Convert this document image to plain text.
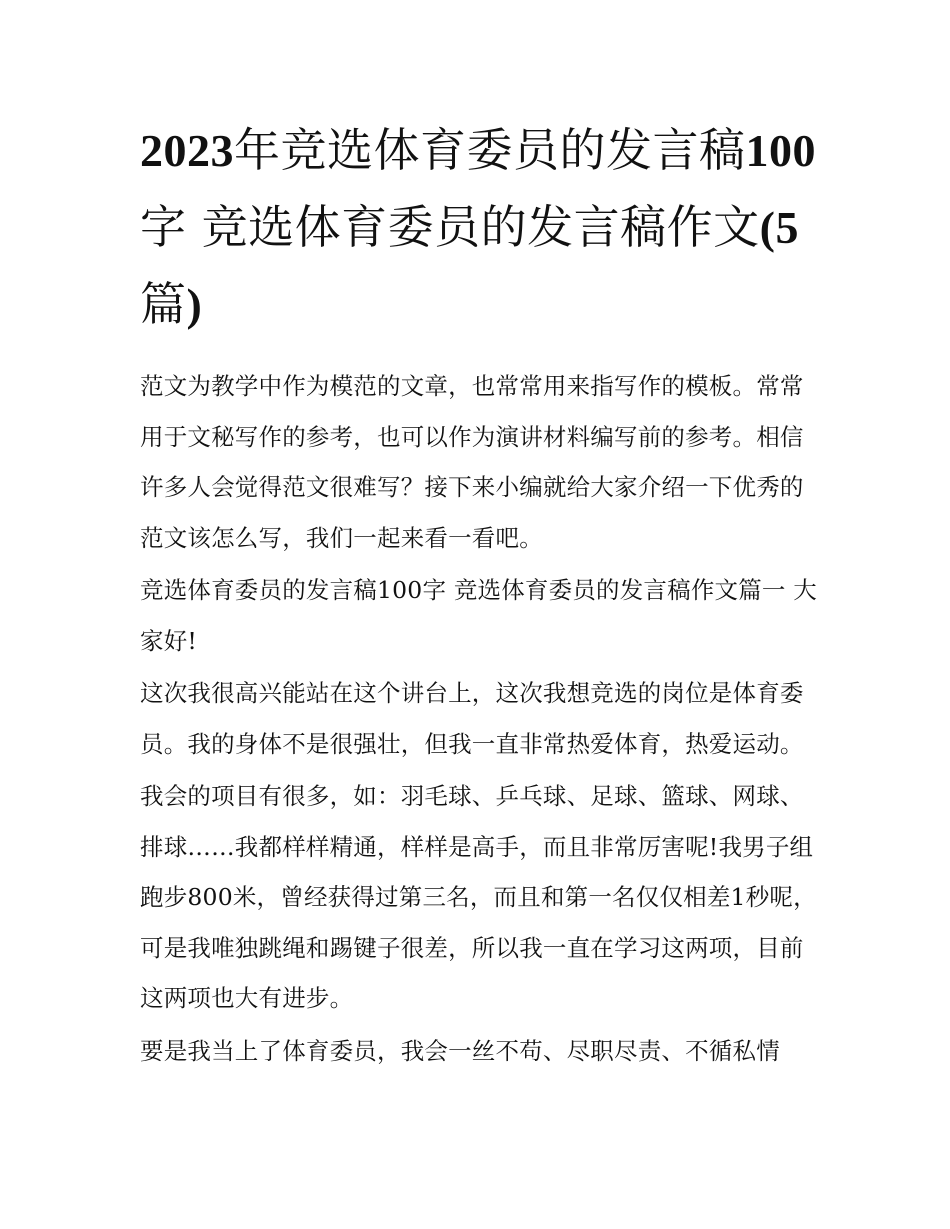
2023年竞选体育委员的发言稿100字 竞选体育委员的发言稿作文(5篇)

范文为教学中作为模范的文章，也常常用来指写作的模板。常常用于文秘写作的参考，也可以作为演讲材料编写前的参考。相信许多人会觉得范文很难写？接下来小编就给大家介绍一下优秀的范文该怎么写，我们一起来看一看吧。

竞选体育委员的发言稿100字 竞选体育委员的发言稿作文篇一 大家好!

这次我很高兴能站在这个讲台上，这次我想竞选的岗位是体育委员。我的身体不是很强壮，但我一直非常热爱体育，热爱运动。

我会的项目有很多，如：羽毛球、乒乓球、足球、篮球、网球、排球……我都样样精通，样样是高手，而且非常厉害呢!我男子组跑步800米，曾经获得过第三名，而且和第一名仅仅相差1秒呢，可是我唯独跳绳和踢键子很差，所以我一直在学习这两项，目前这两项也大有进步。

要是我当上了体育委员，我会一丝不苟、尽职尽责、不循私情
